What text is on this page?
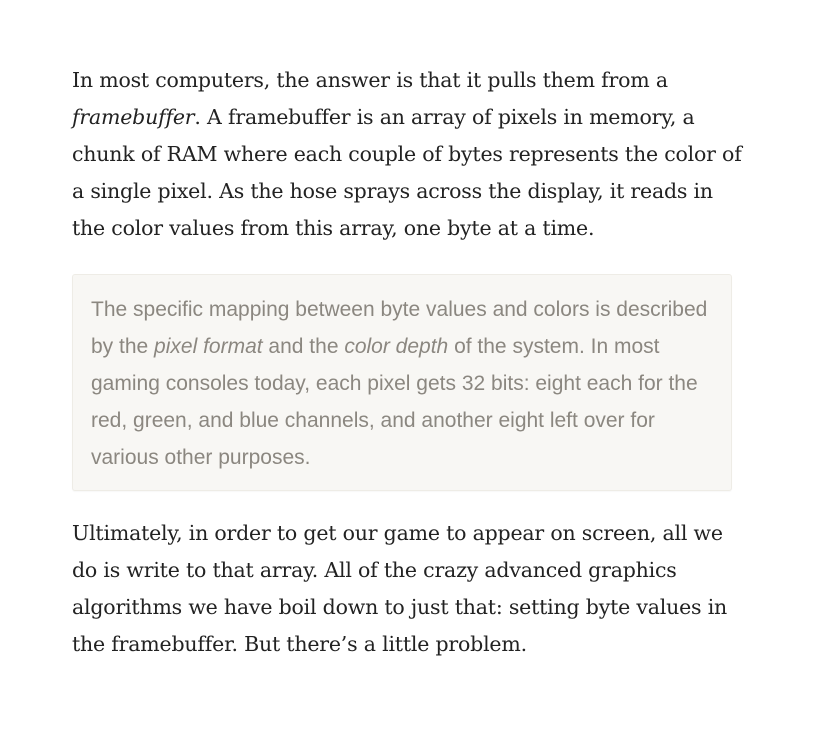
In most computers, the answer is that it pulls them from a framebuffer. A framebuffer is an array of pixels in memory, a chunk of RAM where each couple of bytes represents the color of a single pixel. As the hose sprays across the display, it reads in the color values from this array, one byte at a time.

The specific mapping between byte values and colors is described by the pixel format and the color depth of the system. In most gaming consoles today, each pixel gets 32 bits: eight each for the red, green, and blue channels, and another eight left over for various other purposes.

Ultimately, in order to get our game to appear on screen, all we do is write to that array. All of the crazy advanced graphics algorithms we have boil down to just that: setting byte values in the framebuffer. But there’s a little problem.
